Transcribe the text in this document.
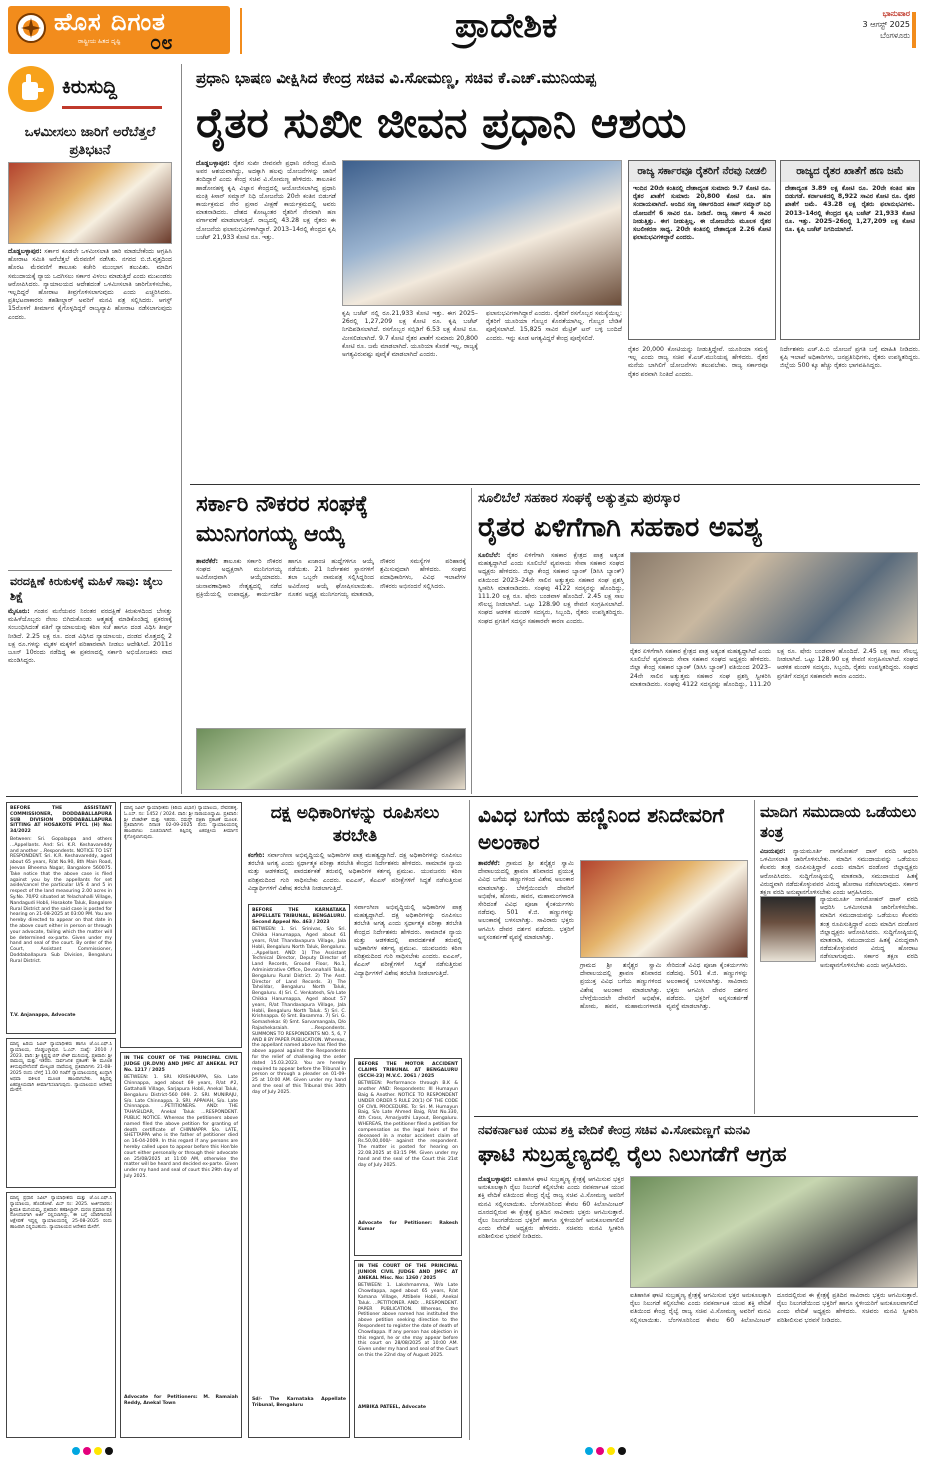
ಹೊಸ ದಿಗಂತ
ರಾಷ್ಟ್ರೀಯ ಹಿತದ ದೃಷ್ಟಿ ೦೮	ಪ್ರಾದೇಶಿಕ	ಭಾನುವಾರ
3 ಆಗಸ್ಟ್ 2025
ಬೆಂಗಳೂರು
ಕಿರುಸುದ್ದಿ
ಒಳಮೀಸಲು ಜಾರಿಗೆ ಅರೆಬೆತ್ತಲೆ ಪ್ರತಿಭಟನೆ
ದೊಡ್ಡಬಳ್ಳಾಪುರ: ಸರ್ಕಾರ ಕೂಡಲೇ ಒಳಮೀಸಲಾತಿ ಜಾರಿ ಮಾಡಬೇಕೆಂದು ಆಗ್ರಹಿಸಿ ಹೋರಾಟ ಸಮಿತಿ ಅರೆಬೆತ್ತಲೆ ಮೆರವಣಿಗೆ ನಡೆಸಿತು. ನಗರದ ಬಿ.ಜಿ.ವೃತ್ತದಿಂದ ಹೊರಟ ಮೆರವಣಿಗೆ ತಾಲೂಕು ಕಚೇರಿ ಮುಂಭಾಗ ತಲುಪಿತು. ಮಾದಿಗ ಸಮುದಾಯಕ್ಕೆ ನ್ಯಾಯ ಒದಗಿಸಲು ಸರ್ಕಾರ ವಿಳಂಬ ಮಾಡುತ್ತಿದೆ ಎಂದು ಮುಖಂಡರು ಆರೋಪಿಸಿದರು. ನ್ಯಾಯಾಲಯದ ಆದೇಶದಂತೆ ಒಳಮೀಸಲಾತಿ ಜಾರಿಗೊಳಿಸಬೇಕು, ಇಲ್ಲದಿದ್ದರೆ ಹೋರಾಟ ತೀವ್ರಗೊಳಿಸಲಾಗುವುದು ಎಂದು ಎಚ್ಚರಿಸಿದರು. ಪ್ರತಿಭಟನಾಕಾರರು ತಹಶೀಲ್ದಾರ್ ಅವರಿಗೆ ಮನವಿ ಪತ್ರ ಸಲ್ಲಿಸಿದರು. ಆಗಸ್ಟ್ 15ರೊಳಗೆ ತೀರ್ಮಾನ ಕೈಗೊಳ್ಳದಿದ್ದರೆ ರಾಜ್ಯವ್ಯಾಪಿ ಹೋರಾಟ ನಡೆಸಲಾಗುವುದು ಎಂದರು.
ವರದಕ್ಷಿಣೆ ಕಿರುಕುಳಕ್ಕೆ ಮಹಿಳೆ ಸಾವು: ಜೈಲು ಶಿಕ್ಷೆ
ಮೈಸೂರು: ಗಂಡನ ಮನೆಯವರ ನಿರಂತರ ವರದಕ್ಷಿಣೆ ಕಿರುಕುಳದಿಂದ ಬೇಸತ್ತು ಮಹಿಳೆಯೊಬ್ಬರು ನೇಣು ಬಿಗಿದುಕೊಂಡು ಆತ್ಮಹತ್ಯೆ ಮಾಡಿಕೊಂಡಿದ್ದ ಪ್ರಕರಣಕ್ಕೆ ಸಂಬಂಧಿಸಿದಂತೆ ಪತಿಗೆ ನ್ಯಾಯಾಲಯವು ಕಠಿಣ ಸಜೆ ಹಾಗೂ ದಂಡ ವಿಧಿಸಿ ತೀರ್ಪು ನೀಡಿದೆ. 2.25 ಲಕ್ಷ ರೂ. ದಂಡ ವಿಧಿಸಿದ ನ್ಯಾಯಾಲಯ, ದಂಡದ ಮೊತ್ತದಲ್ಲಿ 2 ಲಕ್ಷ ರೂ.ಗಳನ್ನು ಮೃತಳ ಮಕ್ಕಳಿಗೆ ಪರಿಹಾರವಾಗಿ ನೀಡಲು ಆದೇಶಿಸಿದೆ. 2011ರ ಜೂನ್ 10ರಂದು ನಡೆದಿದ್ದ ಈ ಪ್ರಕರಣದಲ್ಲಿ ಸರ್ಕಾರಿ ಅಭಿಯೋಜಕರು ವಾದ ಮಂಡಿಸಿದ್ದರು.
ಪ್ರಧಾನಿ ಭಾಷಣ ವೀಕ್ಷಿಸಿದ ಕೇಂದ್ರ ಸಚಿವ ವಿ.ಸೋಮಣ್ಣ, ಸಚಿವ ಕೆ.ಎಚ್.ಮುನಿಯಪ್ಪ
ರೈತರ ಸುಖೀ ಜೀವನ ಪ್ರಧಾನಿ ಆಶಯ
ದೊಡ್ಡಬಳ್ಳಾಪುರ: ರೈತರ ಸುಖೀ ಜೀವನವೇ ಪ್ರಧಾನಿ ನರೇಂದ್ರ ಮೋದಿ ಅವರ ಆಶಯವಾಗಿದ್ದು, ಅದಕ್ಕಾಗಿ ಹಲವು ಯೋಜನೆಗಳನ್ನು ಜಾರಿಗೆ ತಂದಿದ್ದಾರೆ ಎಂದು ಕೇಂದ್ರ ಸಚಿವ ವಿ.ಸೋಮಣ್ಣ ಹೇಳಿದರು. ತಾಲೂಕಿನ ಹಾಡೋನಹಳ್ಳಿ ಕೃಷಿ ವಿಜ್ಞಾನ ಕೇಂದ್ರದಲ್ಲಿ ಆಯೋಜಿಸಲಾಗಿದ್ದ ಪ್ರಧಾನಿ ಮಂತ್ರಿ ಕಿಸಾನ್ ಸಮ್ಮಾನ್ ನಿಧಿ ಯೋಜನೆಯ 20ನೇ ಕಂತಿನ ಬಿಡುಗಡೆ ಕಾರ್ಯಕ್ರಮದ ನೇರ ಪ್ರಸಾರ ವೀಕ್ಷಣೆ ಕಾರ್ಯಕ್ರಮದಲ್ಲಿ ಅವರು ಮಾತನಾಡಿದರು. ದೇಶದ ಕೋಟ್ಯಂತರ ರೈತರಿಗೆ ನೇರವಾಗಿ ಹಣ ವರ್ಗಾವಣೆ ಮಾಡಲಾಗುತ್ತಿದೆ. ರಾಜ್ಯದಲ್ಲಿ 43.28 ಲಕ್ಷ ರೈತರು ಈ ಯೋಜನೆಯ ಫಲಾನುಭವಿಗಳಾಗಿದ್ದಾರೆ. 2013–14ರಲ್ಲಿ ಕೇಂದ್ರದ ಕೃಷಿ ಬಜೆಟ್ 21,933 ಕೋಟಿ ರೂ. ಇತ್ತು.
ಕೃಷಿ ಬಜೆಟ್ ನಲ್ಲಿ ರೂ.21,933 ಕೋಟಿ ಇತ್ತು. ಈಗ 2025–26ರಲ್ಲಿ 1,27,209 ಲಕ್ಷ ಕೋಟಿ ರೂ. ಕೃಷಿ ಬಜೆಟ್ ನಿಗದಿಪಡಿಸಲಾಗಿದೆ. ರಸಗೊಬ್ಬರ ಸಬ್ಸಿಡಿಗೆ 6.53 ಲಕ್ಷ ಕೋಟಿ ರೂ. ಮೀಸಲಿಡಲಾಗಿದೆ. 9.7 ಕೋಟಿ ರೈತರ ಖಾತೆಗೆ ಸುಮಾರು 20,800 ಕೋಟಿ ರೂ. ಜಮೆ ಮಾಡಲಾಗಿದೆ. ಯೂರಿಯಾ ಕೊರತೆ ಇಲ್ಲ, ರಾಜ್ಯಕ್ಕೆ ಅಗತ್ಯವಿರುವಷ್ಟು ಪೂರೈಕೆ ಮಾಡಲಾಗಿದೆ ಎಂದರು.
ಫಲಾನುಭವಿಗಳಾಗಿದ್ದಾರೆ ಎಂದರು. ರೈತರಿಗೆ ರಸಗೊಬ್ಬರ ಸಮಸ್ಯೆಯಿಲ್ಲ: ರೈತರಿಗೆ ಯೂರಿಯಾ ಗೊಬ್ಬರ ಕೊರತೆಯಾಗಿಲ್ಲ. ಗೊಬ್ಬರ ಬೇಡಿಕೆ ಪೂರೈಸಲಾಗಿದೆ. 15,825 ಸಾವಿರ ಮೆಟ್ರಿಕ್ ಟನ್ ಬಳ್ಳಿ ಬಂದಿದೆ ಎಂದರು. ಇನ್ನು ಕೂಡ ಅಗತ್ಯವಿದ್ದರೆ ಕೇಂದ್ರ ಪೂರೈಸಲಿದೆ.
ರಾಜ್ಯ ಸರ್ಕಾರವೂ ರೈತರಿಗೆ ನೆರವು ನೀಡಲಿ
ಇಂದಿನ 20ನೇ ಕಂತಿನಲ್ಲಿ ದೇಶಾದ್ಯಂತ ಸುಮಾರು 9.7 ಕೋಟಿ ರೂ. ರೈತರ ಖಾತೆಗೆ ಸುಮಾರು 20,800 ಕೋಟಿ ರೂ. ಹಣ ಸಂದಾಯವಾಗಿದೆ. ಆಂದಿನ ಸಣ್ಣ ಸರ್ಕಾರದಿಂದ ಕಿಸಾನ್ ಸಮ್ಮಾನ್ ನಿಧಿ ಯೋಜನೆಗೆ 6 ಸಾವಿರ ರೂ. ನೀಡಿದೆ. ರಾಜ್ಯ ಸರ್ಕಾರ 4 ಸಾವಿರ ನೀಡುತ್ತಿತ್ತು. ಈಗ ನೀಡುತ್ತಿಲ್ಲ. ಈ ಯೋಜನೆಯ ಮೂಲಕ ರೈತರ ಸಬಲೀಕರಣ ಸಾಧ್ಯ. 20ನೇ ಕಂತಿನಲ್ಲಿ ದೇಶಾದ್ಯಂತ 2.26 ಕೋಟಿ ಫಲಾನುಭವಿಗಳಿದ್ದಾರೆ ಎಂದರು.
ರಾಜ್ಯದ ರೈತರ ಖಾತೆಗೆ ಹಣ ಜಮೆ
ದೇಶಾದ್ಯಂತ 3.89 ಲಕ್ಷ ಕೋಟಿ ರೂ. 20ನೇ ಕಂತಿನ ಹಣ ಬಿಡುಗಡೆ. ಕರ್ನಾಟಕದಲ್ಲಿ 8,922 ಸಾವಿರ ಕೋಟಿ ರೂ. ರೈತರ ಖಾತೆಗೆ ಜಮೆ. 43.28 ಲಕ್ಷ ರೈತರು ಫಲಾನುಭವಿಗಳು. 2013–14ರಲ್ಲಿ ಕೇಂದ್ರದ ಕೃಷಿ ಬಜೆಟ್ 21,933 ಕೋಟಿ ರೂ. ಇತ್ತು. 2025–26ರಲ್ಲಿ 1,27,209 ಲಕ್ಷ ಕೋಟಿ ರೂ. ಕೃಷಿ ಬಜೆಟ್ ನಿಗದಿಯಾಗಿದೆ.
ರೈತರ 20,000 ಕೋಟಿಯನ್ನು ನೀಡುತ್ತಿದ್ದೇವೆ. ಯೂರಿಯಾ ಸಮಸ್ಯೆ ಇಲ್ಲ ಎಂದು ರಾಜ್ಯ ಸಚಿವ ಕೆ.ಎಚ್.ಮುನಿಯಪ್ಪ ಹೇಳಿದರು. ರೈತರ ಮನೆಯ ಬಾಗಿಲಿಗೆ ಯೋಜನೆಗಳು ತಲುಪಬೇಕು. ರಾಜ್ಯ ಸರ್ಕಾರವೂ ರೈತರ ಪರವಾಗಿ ನಿಂತಿದೆ ಎಂದರು.
ನಿರ್ದೇಶಕರು ಎಚ್.ಪಿ.ಬಿ ಯೋಜನೆ ಪ್ರಗತಿ ಬಗ್ಗೆ ಮಾಹಿತಿ ನೀಡಿದರು. ಕೃಷಿ ಇಲಾಖೆ ಅಧಿಕಾರಿಗಳು, ಜನಪ್ರತಿನಿಧಿಗಳು, ರೈತರು ಉಪಸ್ಥಿತರಿದ್ದರು. ಜಿಲ್ಲೆಯ 500 ಕ್ಕೂ ಹೆಚ್ಚು ರೈತರು ಭಾಗವಹಿಸಿದ್ದರು.
ಸರ್ಕಾರಿ ನೌಕರರ ಸಂಘಕ್ಕೆ ಮುನಿಗಂಗಯ್ಯ ಆಯ್ಕೆ
ತಾವರೆಕೆರೆ: ತಾಲೂಕು ಸರ್ಕಾರಿ ನೌಕರರ ಸಂಘದ ಅಧ್ಯಕ್ಷರಾಗಿ ಮುನಿಗಂಗಯ್ಯ ಅವಿರೋಧವಾಗಿ ಆಯ್ಕೆಯಾದರು. ಚುನಾವಣಾಧಿಕಾರಿ ನೇತೃತ್ವದಲ್ಲಿ ನಡೆದ ಪ್ರಕ್ರಿಯೆಯಲ್ಲಿ ಉಪಾಧ್ಯಕ್ಷ, ಕಾರ್ಯದರ್ಶಿ ಹಾಗೂ ಖಜಾಂಚಿ ಹುದ್ದೆಗಳಿಗೂ ಆಯ್ಕೆ ನಡೆಯಿತು. 21 ನಿರ್ದೇಶಕರ ಸ್ಥಾನಗಳಿಗೆ ತಲಾ ಒಬ್ಬರೇ ನಾಮಪತ್ರ ಸಲ್ಲಿಸಿದ್ದರಿಂದ ಅವಿರೋಧ ಆಯ್ಕೆ ಘೋಷಿಸಲಾಯಿತು. ನೂತನ ಅಧ್ಯಕ್ಷ ಮುನಿಗಂಗಯ್ಯ ಮಾತನಾಡಿ, ನೌಕರರ ಸಮಸ್ಯೆಗಳ ಪರಿಹಾರಕ್ಕೆ ಶ್ರಮಿಸುವುದಾಗಿ ಹೇಳಿದರು. ಸಂಘದ ಪದಾಧಿಕಾರಿಗಳು, ವಿವಿಧ ಇಲಾಖೆಗಳ ನೌಕರರು ಅಭಿನಂದನೆ ಸಲ್ಲಿಸಿದರು.
ಸೂಲಿಬೆಲೆ ಸಹಕಾರ ಸಂಘಕ್ಕೆ ಅತ್ಯುತ್ತಮ ಪುರಸ್ಕಾರ
ರೈತರ ಏಳಿಗೆಗಾಗಿ ಸಹಕಾರ ಅವಶ್ಯ
ಸೂಲಿಬೆಲೆ: ರೈತರ ಏಳಿಗೆಗಾಗಿ ಸಹಕಾರ ಕ್ಷೇತ್ರದ ಪಾತ್ರ ಅತ್ಯಂತ ಮಹತ್ವದ್ದಾಗಿದೆ ಎಂದು ಸೂಲಿಬೆಲೆ ವ್ಯವಸಾಯ ಸೇವಾ ಸಹಕಾರ ಸಂಘದ ಅಧ್ಯಕ್ಷರು ಹೇಳಿದರು. ಜಿಲ್ಲಾ ಕೇಂದ್ರ ಸಹಕಾರ ಬ್ಯಾಂಕ್ (ಡಿಸಿಸಿ ಬ್ಯಾಂಕ್) ವತಿಯಿಂದ 2023–24ನೇ ಸಾಲಿನ ಅತ್ಯುತ್ತಮ ಸಹಕಾರ ಸಂಘ ಪ್ರಶಸ್ತಿ ಸ್ವೀಕರಿಸಿ ಮಾತನಾಡಿದರು. ಸಂಘವು 4122 ಸದಸ್ಯರನ್ನು ಹೊಂದಿದ್ದು, 111.20 ಲಕ್ಷ ರೂ. ಷೇರು ಬಂಡವಾಳ ಹೊಂದಿದೆ. 2.45 ಲಕ್ಷ ಸಾಲ ಸೌಲಭ್ಯ ನೀಡಲಾಗಿದೆ. ಒಟ್ಟು 128.90 ಲಕ್ಷ ಠೇವಣಿ ಸಂಗ್ರಹಿಸಲಾಗಿದೆ. ಸಂಘದ ಆಡಳಿತ ಮಂಡಳಿ ಸದಸ್ಯರು, ಸಿಬ್ಬಂದಿ, ರೈತರು ಉಪಸ್ಥಿತರಿದ್ದರು. ಸಂಘದ ಪ್ರಗತಿಗೆ ಸದಸ್ಯರ ಸಹಕಾರವೇ ಕಾರಣ ಎಂದರು.
ರೈತರ ಏಳಿಗೆಗಾಗಿ ಸಹಕಾರ ಕ್ಷೇತ್ರದ ಪಾತ್ರ ಅತ್ಯಂತ ಮಹತ್ವದ್ದಾಗಿದೆ ಎಂದು ಸೂಲಿಬೆಲೆ ವ್ಯವಸಾಯ ಸೇವಾ ಸಹಕಾರ ಸಂಘದ ಅಧ್ಯಕ್ಷರು ಹೇಳಿದರು. ಜಿಲ್ಲಾ ಕೇಂದ್ರ ಸಹಕಾರ ಬ್ಯಾಂಕ್ (ಡಿಸಿಸಿ ಬ್ಯಾಂಕ್) ವತಿಯಿಂದ 2023–24ನೇ ಸಾಲಿನ ಅತ್ಯುತ್ತಮ ಸಹಕಾರ ಸಂಘ ಪ್ರಶಸ್ತಿ ಸ್ವೀಕರಿಸಿ ಮಾತನಾಡಿದರು. ಸಂಘವು 4122 ಸದಸ್ಯರನ್ನು ಹೊಂದಿದ್ದು, 111.20 ಲಕ್ಷ ರೂ. ಷೇರು ಬಂಡವಾಳ ಹೊಂದಿದೆ. 2.45 ಲಕ್ಷ ಸಾಲ ಸೌಲಭ್ಯ ನೀಡಲಾಗಿದೆ. ಒಟ್ಟು 128.90 ಲಕ್ಷ ಠೇವಣಿ ಸಂಗ್ರಹಿಸಲಾಗಿದೆ. ಸಂಘದ ಆಡಳಿತ ಮಂಡಳಿ ಸದಸ್ಯರು, ಸಿಬ್ಬಂದಿ, ರೈತರು ಉಪಸ್ಥಿತರಿದ್ದರು. ಸಂಘದ ಪ್ರಗತಿಗೆ ಸದಸ್ಯರ ಸಹಕಾರವೇ ಕಾರಣ ಎಂದರು.
BEFORE THE ASSISTANT COMMISSIONER, DODDABALLAPURA SUB DIVISION DODDABALLAPURA SITTING AT HOSAKOTE PTCL (H) No: 34/2022
Between: Sri. Gopalappa and others ...Appellants. And: Sri. K.R. Keshavareddy and another ...Respondents. NOTICE TO 1ST RESPONDENT. Sri. K.R. Keshavareddy, aged about 65 years, R/at No.90, 8th Main Road, Jeevan Bheema Nagar, Bangalore 560075. Take notice that the above case is filed against you by the appellants for set aside/cancel the particular U/S 4 and 5 in respect of the land measuring 2.00 acres in Sy.No. 70/P2 situated at Yelachahalli Village, Nandagudi Hobli, Hosakote Taluk, Bangalore Rural District and the said case is posted for hearing on 21-08-2025 at 03:00 PM. You are hereby directed to appear on that date in the above court either in person or through your advocate, failing which the matter will be determined ex-parte. Given under my hand and seal of the court. By order of the Court, Assistant Commissioner, Doddaballapura Sub Division, Bengaluru Rural District.
T.V. Anjanappa, Advocate
ಮಾನ್ಯ ಹಿರಿಯ ಸಿವಿಲ್ ನ್ಯಾಯಾಧೀಶರು ಹಾಗೂ ಜೆ.ಎಂ.ಎಫ್.ಸಿ ನ್ಯಾಯಾಲಯ, ದೊಡ್ಡಬಳ್ಳಾಪುರ. ಓ.ಎಸ್. ಸಂಖ್ಯೆ: 2010 / 2023. ವಾದಿ: ಶ್ರೀ ಕೃಷ್ಣಪ್ಪ ಬಿನ್ ಲೇಟ್ ಮುನಿಯಪ್ಪ. ಪ್ರತಿವಾದಿ: ಶ್ರೀ ರಾಮಯ್ಯ ಮತ್ತು ಇತರರು. ಸಾರ್ವಜನಿಕ ಪ್ರಕಟಣೆ: ಈ ಮೂಲಕ ತಿಳಿಸುವುದೇನೆಂದರೆ ಮೇಲ್ಕಂಡ ದಾವೆಯಲ್ಲಿ ಪ್ರತಿವಾದಿಗಳು 21-08-2025 ರಂದು ಬೆಳಗ್ಗೆ 11.00 ಗಂಟೆಗೆ ನ್ಯಾಯಾಲಯದಲ್ಲಿ ಖುದ್ದಾಗಿ ಅಥವಾ ವಕೀಲರ ಮೂಲಕ ಹಾಜರಾಗಬೇಕು. ತಪ್ಪಿದಲ್ಲಿ ಏಕಪಕ್ಷೀಯವಾಗಿ ತೀರ್ಮಾನಿಸಲಾಗುವುದು. ನ್ಯಾಯಾಲಯದ ಆದೇಶದ ಮೇರೆಗೆ.
ಮಾನ್ಯ ಪ್ರಧಾನ ಸಿವಿಲ್ ನ್ಯಾಯಾಧೀಶರು ಮತ್ತು ಜೆ.ಎಂ.ಎಫ್.ಸಿ ನ್ಯಾಯಾಲಯ, ಹೊಸಕೋಟೆ. ಮಿಸ್ ನಂ: 2025. ಅರ್ಜಿದಾರರು: ಶ್ರೀಮತಿ ಮುನಿಯಮ್ಮ. ಪ್ರತಿವಾದಿ: ತಹಶೀಲ್ದಾರ್. ಮರಣ ಪ್ರಮಾಣ ಪತ್ರ ನೋಂದಣಿಗಾಗಿ ಅರ್ಜಿ ಸಲ್ಲಿಸಲಾಗಿದ್ದು, ಈ ಬಗ್ಗೆ ಯಾರಿಗಾದರೂ ಆಕ್ಷೇಪಣೆ ಇದ್ದಲ್ಲಿ ನ್ಯಾಯಾಲಯದಲ್ಲಿ 25-08-2025 ರಂದು ಹಾಜರಾಗಿ ಸಲ್ಲಿಸಬಹುದು. ನ್ಯಾಯಾಲಯದ ಆದೇಶದ ಮೇರೆಗೆ.
ಮಾನ್ಯ ಸಿವಿಲ್ ನ್ಯಾಯಾಧೀಶರು (ಕಿರಿಯ ವಿಭಾಗ) ನ್ಯಾಯಾಲಯ, ದೇವನಹಳ್ಳಿ. ಓ.ಎಸ್. ನಂ: 1452 / 2024. ವಾದಿ: ಶ್ರೀ ನಾರಾಯಣಸ್ವಾಮಿ. ಪ್ರತಿವಾದಿ: ಶ್ರೀ ವೆಂಕಟೇಶ್ ಮತ್ತು ಇತರರು. ಸಮನ್ಸ್ ಪತ್ರಿಕಾ ಪ್ರಕಟಣೆ ಮೂಲಕ. ಪ್ರತಿವಾದಿಗಳು ದಿನಾಂಕ 02-09-2025 ರಂದು ನ್ಯಾಯಾಲಯದಲ್ಲಿ ಹಾಜರಾಗಲು ಸೂಚಿಸಲಾಗಿದೆ. ತಪ್ಪಿದಲ್ಲಿ ಏಕಪಕ್ಷೀಯ ತೀರ್ಮಾನ ಕೈಗೊಳ್ಳಲಾಗುವುದು.
IN THE COURT OF THE PRINCIPAL CIVIL JUDGE (JR.DVN) AND JMFC AT ANEKAL PLT No. 1217 / 2025
BETWEEN: 1. SRI. KRISHNAPPA, S/o. Late Chinnappa, aged about 69 years, R/at #2, Gattahalli Village, Sarjapura Hobli, Anekal Taluk, Bengaluru District-560 099. 2. SRI. MUNIRAJU, S/o. Late Chinnappa. 3. SRI. APPAIAH, S/o. Late Chinnappa. ...PETITIONERS. AND: THE TAHASILDAR, Anekal Taluk ...RESPONDENT. PUBLIC NOTICE. Whereas the petitioners above named filed the above petition for granting of death certificate of CHINNAPPA S/o. LATE, SHETTAPPA who is the father of petitioner died on 16-04-2009. In this regard if any persons are hereby called upon to appear before this Hon'ble court either personally or through their advocate on 25/08/2025 at 11:00 AM, otherwise the matter will be heard and decided ex-parte. Given under my hand and seal of court this 29th day of July 2025.
Advocate for Petitioners: M. Ramaiah Reddy, Anekal Town
ದಕ್ಷ ಅಧಿಕಾರಿಗಳನ್ನು ರೂಪಿಸಲು ತರಬೇತಿ
ಕಂಗೇರಿ: ಸರ್ವಾಂಗೀಣ ಅಭಿವೃದ್ಧಿಯಲ್ಲಿ ಅಧಿಕಾರಿಗಳ ಪಾತ್ರ ಮಹತ್ವದ್ದಾಗಿದೆ. ದಕ್ಷ ಅಧಿಕಾರಿಗಳನ್ನು ರೂಪಿಸಲು ತರಬೇತಿ ಅಗತ್ಯ ಎಂದು ಸ್ಪರ್ಧಾತ್ಮಕ ಪರೀಕ್ಷಾ ತರಬೇತಿ ಕೇಂದ್ರದ ನಿರ್ದೇಶಕರು ಹೇಳಿದರು. ಸಾಮಾಜಿಕ ನ್ಯಾಯ ಮತ್ತು ಆಡಳಿತದಲ್ಲಿ ಪಾರದರ್ಶಕತೆ ತರುವಲ್ಲಿ ಅಧಿಕಾರಿಗಳ ಕರ್ತವ್ಯ ಪ್ರಮುಖ. ಯುವಜನರು ಕಠಿಣ ಪರಿಶ್ರಮದಿಂದ ಗುರಿ ಸಾಧಿಸಬೇಕು ಎಂದರು. ಐಎಎಸ್, ಕೆಎಎಸ್ ಪರೀಕ್ಷೆಗಳಿಗೆ ಸಿದ್ಧತೆ ನಡೆಸುತ್ತಿರುವ ವಿದ್ಯಾರ್ಥಿಗಳಿಗೆ ವಿಶೇಷ ತರಬೇತಿ ನೀಡಲಾಗುತ್ತಿದೆ.
BEFORE THE KARNATAKA APPELLATE TRIBUNAL, BENGALURU. Second Appeal No. 463 / 2023
BETWEEN: 1. Sri. Srinivas, S/o Sri. Chikka Hanumappa, Aged about 61 years, R/at Thandavapura Village, Jala Hobli, Bengaluru North Taluk, Bengaluru. ...Appellant. AND: 1) The Assistant Technical Director, Deputy Director of Land Records, Ground Floor, No.1, Administrative Office, Devanahalli Taluk, Bengaluru Rural District. 2) The Asst. Director of Land Records. 3) The Tahsildar, Bengaluru North Taluk, Bengaluru. 4) Sri. C. Venkatesh, S/o Late Chikka Hanumappa, Aged about 57 years, R/at Thandavapura Village, Jala Hobli, Bengaluru North Taluk. 5) Sri. C. Krishnappa. 6) Smt. Basamma. 7) Sri. G. Somashekar. 8) Smt. Sarvamangala, D/o Rajashekaraiah. ...Respondents. SUMMONS TO RESPONDENTS NO. 5, 6, 7 AND 8 BY PAPER PUBLICATION. Whereas, the appellant named above has filed the above appeal against the Respondents for the relief of challenging the order dated 15.03.2023. You are hereby required to appear before the Tribunal in person or through a pleader on 01-09-25 at 10:00 AM. Given under my hand and the seal of this Tribunal this 30th day of July 2025.
Sd/- The Karnataka Appellate Tribunal, Bengaluru
ಸರ್ವಾಂಗೀಣ ಅಭಿವೃದ್ಧಿಯಲ್ಲಿ ಅಧಿಕಾರಿಗಳ ಪಾತ್ರ ಮಹತ್ವದ್ದಾಗಿದೆ. ದಕ್ಷ ಅಧಿಕಾರಿಗಳನ್ನು ರೂಪಿಸಲು ತರಬೇತಿ ಅಗತ್ಯ ಎಂದು ಸ್ಪರ್ಧಾತ್ಮಕ ಪರೀಕ್ಷಾ ತರಬೇತಿ ಕೇಂದ್ರದ ನಿರ್ದೇಶಕರು ಹೇಳಿದರು. ಸಾಮಾಜಿಕ ನ್ಯಾಯ ಮತ್ತು ಆಡಳಿತದಲ್ಲಿ ಪಾರದರ್ಶಕತೆ ತರುವಲ್ಲಿ ಅಧಿಕಾರಿಗಳ ಕರ್ತವ್ಯ ಪ್ರಮುಖ. ಯುವಜನರು ಕಠಿಣ ಪರಿಶ್ರಮದಿಂದ ಗುರಿ ಸಾಧಿಸಬೇಕು ಎಂದರು. ಐಎಎಸ್, ಕೆಎಎಸ್ ಪರೀಕ್ಷೆಗಳಿಗೆ ಸಿದ್ಧತೆ ನಡೆಸುತ್ತಿರುವ ವಿದ್ಯಾರ್ಥಿಗಳಿಗೆ ವಿಶೇಷ ತರಬೇತಿ ನೀಡಲಾಗುತ್ತಿದೆ.
BEFORE THE MOTOR ACCIDENT CLAIMS TRIBUNAL AT BENGALURU (SCCH-23) M.V.C. 2061 / 2025
BETWEEN: Performance through B.K & another AND: Respondents: III Humayun Baig & Another. NOTICE TO RESPONDENT UNDER ORDER 5 RULE 20(1) OF THE CODE OF CIVIL PROCEDURE. To: Sri. M. Humayun Baig, S/o Late Ahmed Baig, R/at No.330, 4th Cross, Amarjyothi Layout, Bengaluru. WHEREAS, the petitioner filed a petition for compensation as the legal heirs of the deceased in a motor accident claim of Rs.50,00,000/- against the respondent. The matter is posted for hearing on 22.08.2025 at 03:15 PM. Given under my hand and the seal of the Court this 21st day of July 2025.
Advocate for Petitioner: Rakesh Kumar
IN THE COURT OF THE PRINCIPAL JUNIOR CIVIL JUDGE AND JMFC AT ANEKAL Misc. No: 1260 / 2025
BETWEEN: 1. Lakshmamma, W/o Late Chowdappa, aged about 65 years, R/at Kamana Village, Attibele Hobli, Anekal Taluk. ...PETITIONER. AND: ...RESPONDENT. PAPER PUBLICATION. Whereas, the Petitioner above named has instituted the above petition seeking direction to the Respondent to register the date of death of Chowdappa. If any person has objection in this regard, he or she may appear before this court on 28/08/2025 at 10:00 AM. Given under my hand and seal of the Court on this the 22nd day of August 2025.
AMBIKA PATEEL, Advocate
ವಿವಿಧ ಬಗೆಯ ಹಣ್ಣಿನಿಂದ ಶನಿದೇವರಿಗೆ ಅಲಂಕಾರ
ತಾವರೆಕೆರೆ: ಗ್ರಾಮದ ಶ್ರೀ ಶನೈಶ್ಚರ ಸ್ವಾಮಿ ದೇವಾಲಯದಲ್ಲಿ ಶ್ರಾವಣ ಶನಿವಾರದ ಪ್ರಯುಕ್ತ ವಿವಿಧ ಬಗೆಯ ಹಣ್ಣುಗಳಿಂದ ವಿಶೇಷ ಅಲಂಕಾರ ಮಾಡಲಾಗಿತ್ತು. ಬೆಳಗ್ಗೆಯಿಂದಲೇ ದೇವರಿಗೆ ಅಭಿಷೇಕ, ಹೋಮ, ಹವನ, ಮಹಾಮಂಗಳಾರತಿ ಸೇರಿದಂತೆ ವಿವಿಧ ಪೂಜಾ ಕೈಂಕರ್ಯಗಳು ನಡೆದವು. 501 ಕೆ.ಜಿ. ಹಣ್ಣುಗಳನ್ನು ಅಲಂಕಾರಕ್ಕೆ ಬಳಸಲಾಗಿತ್ತು. ಸಾವಿರಾರು ಭಕ್ತರು ಆಗಮಿಸಿ ದೇವರ ದರ್ಶನ ಪಡೆದರು. ಭಕ್ತರಿಗೆ ಅನ್ನಸಂತರ್ಪಣೆ ವ್ಯವಸ್ಥೆ ಮಾಡಲಾಗಿತ್ತು.
ಗ್ರಾಮದ ಶ್ರೀ ಶನೈಶ್ಚರ ಸ್ವಾಮಿ ದೇವಾಲಯದಲ್ಲಿ ಶ್ರಾವಣ ಶನಿವಾರದ ಪ್ರಯುಕ್ತ ವಿವಿಧ ಬಗೆಯ ಹಣ್ಣುಗಳಿಂದ ವಿಶೇಷ ಅಲಂಕಾರ ಮಾಡಲಾಗಿತ್ತು. ಬೆಳಗ್ಗೆಯಿಂದಲೇ ದೇವರಿಗೆ ಅಭಿಷೇಕ, ಹೋಮ, ಹವನ, ಮಹಾಮಂಗಳಾರತಿ ಸೇರಿದಂತೆ ವಿವಿಧ ಪೂಜಾ ಕೈಂಕರ್ಯಗಳು ನಡೆದವು. 501 ಕೆ.ಜಿ. ಹಣ್ಣುಗಳನ್ನು ಅಲಂಕಾರಕ್ಕೆ ಬಳಸಲಾಗಿತ್ತು. ಸಾವಿರಾರು ಭಕ್ತರು ಆಗಮಿಸಿ ದೇವರ ದರ್ಶನ ಪಡೆದರು. ಭಕ್ತರಿಗೆ ಅನ್ನಸಂತರ್ಪಣೆ ವ್ಯವಸ್ಥೆ ಮಾಡಲಾಗಿತ್ತು.
ಮಾದಿಗ ಸಮುದಾಯ ಒಡೆಯಲು ತಂತ್ರ
ವಿಜಯಪುರ: ನ್ಯಾಯಮೂರ್ತಿ ನಾಗಮೋಹನ್ ದಾಸ್ ವರದಿ ಆಧರಿಸಿ ಒಳಮೀಸಲಾತಿ ಜಾರಿಗೊಳಿಸಬೇಕು. ಮಾದಿಗ ಸಮುದಾಯವನ್ನು ಒಡೆಯಲು ಕೆಲವರು ತಂತ್ರ ರೂಪಿಸುತ್ತಿದ್ದಾರೆ ಎಂದು ಮಾದಿಗ ದಂಡೋರ ಜಿಲ್ಲಾಧ್ಯಕ್ಷರು ಆರೋಪಿಸಿದರು. ಸುದ್ದಿಗೋಷ್ಠಿಯಲ್ಲಿ ಮಾತನಾಡಿ, ಸಮುದಾಯದ ಹಿತಕ್ಕೆ ವಿರುದ್ಧವಾಗಿ ನಡೆದುಕೊಳ್ಳುವವರ ವಿರುದ್ಧ ಹೋರಾಟ ನಡೆಸಲಾಗುವುದು. ಸರ್ಕಾರ ತಕ್ಷಣ ವರದಿ ಅನುಷ್ಠಾನಗೊಳಿಸಬೇಕು ಎಂದು ಆಗ್ರಹಿಸಿದರು.
ನ್ಯಾಯಮೂರ್ತಿ ನಾಗಮೋಹನ್ ದಾಸ್ ವರದಿ ಆಧರಿಸಿ ಒಳಮೀಸಲಾತಿ ಜಾರಿಗೊಳಿಸಬೇಕು. ಮಾದಿಗ ಸಮುದಾಯವನ್ನು ಒಡೆಯಲು ಕೆಲವರು ತಂತ್ರ ರೂಪಿಸುತ್ತಿದ್ದಾರೆ ಎಂದು ಮಾದಿಗ ದಂಡೋರ ಜಿಲ್ಲಾಧ್ಯಕ್ಷರು ಆರೋಪಿಸಿದರು. ಸುದ್ದಿಗೋಷ್ಠಿಯಲ್ಲಿ ಮಾತನಾಡಿ, ಸಮುದಾಯದ ಹಿತಕ್ಕೆ ವಿರುದ್ಧವಾಗಿ ನಡೆದುಕೊಳ್ಳುವವರ ವಿರುದ್ಧ ಹೋರಾಟ ನಡೆಸಲಾಗುವುದು. ಸರ್ಕಾರ ತಕ್ಷಣ ವರದಿ ಅನುಷ್ಠಾನಗೊಳಿಸಬೇಕು ಎಂದು ಆಗ್ರಹಿಸಿದರು.
ನವಕರ್ನಾಟಕ ಯುವ ಶಕ್ತಿ ವೇದಿಕೆ ಕೇಂದ್ರ ಸಚಿವ ವಿ.ಸೋಮಣ್ಣಗೆ ಮನವಿ
ಘಾಟಿ ಸುಬ್ರಹ್ಮಣ್ಯದಲ್ಲಿ ರೈಲು ನಿಲುಗಡೆಗೆ ಆಗ್ರಹ
ದೊಡ್ಡಬಳ್ಳಾಪುರ: ಐತಿಹಾಸಿಕ ಘಾಟಿ ಸುಬ್ರಹ್ಮಣ್ಯ ಕ್ಷೇತ್ರಕ್ಕೆ ಆಗಮಿಸುವ ಭಕ್ತರ ಅನುಕೂಲಕ್ಕಾಗಿ ರೈಲು ನಿಲುಗಡೆ ಕಲ್ಪಿಸಬೇಕು ಎಂದು ನವಕರ್ನಾಟಕ ಯುವ ಶಕ್ತಿ ವೇದಿಕೆ ವತಿಯಿಂದ ಕೇಂದ್ರ ರೈಲ್ವೆ ರಾಜ್ಯ ಸಚಿವ ವಿ.ಸೋಮಣ್ಣ ಅವರಿಗೆ ಮನವಿ ಸಲ್ಲಿಸಲಾಯಿತು. ಬೆಂಗಳೂರಿನಿಂದ ಕೇವಲ 60 ಕಿಲೋಮೀಟರ್ ದೂರದಲ್ಲಿರುವ ಈ ಕ್ಷೇತ್ರಕ್ಕೆ ಪ್ರತಿದಿನ ಸಾವಿರಾರು ಭಕ್ತರು ಆಗಮಿಸುತ್ತಾರೆ. ರೈಲು ನಿಲುಗಡೆಯಿಂದ ಭಕ್ತರಿಗೆ ಹಾಗೂ ಸ್ಥಳೀಯರಿಗೆ ಅನುಕೂಲವಾಗಲಿದೆ ಎಂದು ವೇದಿಕೆ ಅಧ್ಯಕ್ಷರು ಹೇಳಿದರು. ಸಚಿವರು ಮನವಿ ಸ್ವೀಕರಿಸಿ ಪರಿಶೀಲಿಸುವ ಭರವಸೆ ನೀಡಿದರು.
ಐತಿಹಾಸಿಕ ಘಾಟಿ ಸುಬ್ರಹ್ಮಣ್ಯ ಕ್ಷೇತ್ರಕ್ಕೆ ಆಗಮಿಸುವ ಭಕ್ತರ ಅನುಕೂಲಕ್ಕಾಗಿ ರೈಲು ನಿಲುಗಡೆ ಕಲ್ಪಿಸಬೇಕು ಎಂದು ನವಕರ್ನಾಟಕ ಯುವ ಶಕ್ತಿ ವೇದಿಕೆ ವತಿಯಿಂದ ಕೇಂದ್ರ ರೈಲ್ವೆ ರಾಜ್ಯ ಸಚಿವ ವಿ.ಸೋಮಣ್ಣ ಅವರಿಗೆ ಮನವಿ ಸಲ್ಲಿಸಲಾಯಿತು. ಬೆಂಗಳೂರಿನಿಂದ ಕೇವಲ 60 ಕಿಲೋಮೀಟರ್ ದೂರದಲ್ಲಿರುವ ಈ ಕ್ಷೇತ್ರಕ್ಕೆ ಪ್ರತಿದಿನ ಸಾವಿರಾರು ಭಕ್ತರು ಆಗಮಿಸುತ್ತಾರೆ. ರೈಲು ನಿಲುಗಡೆಯಿಂದ ಭಕ್ತರಿಗೆ ಹಾಗೂ ಸ್ಥಳೀಯರಿಗೆ ಅನುಕೂಲವಾಗಲಿದೆ ಎಂದು ವೇದಿಕೆ ಅಧ್ಯಕ್ಷರು ಹೇಳಿದರು. ಸಚಿವರು ಮನವಿ ಸ್ವೀಕರಿಸಿ ಪರಿಶೀಲಿಸುವ ಭರವಸೆ ನೀಡಿದರು.
